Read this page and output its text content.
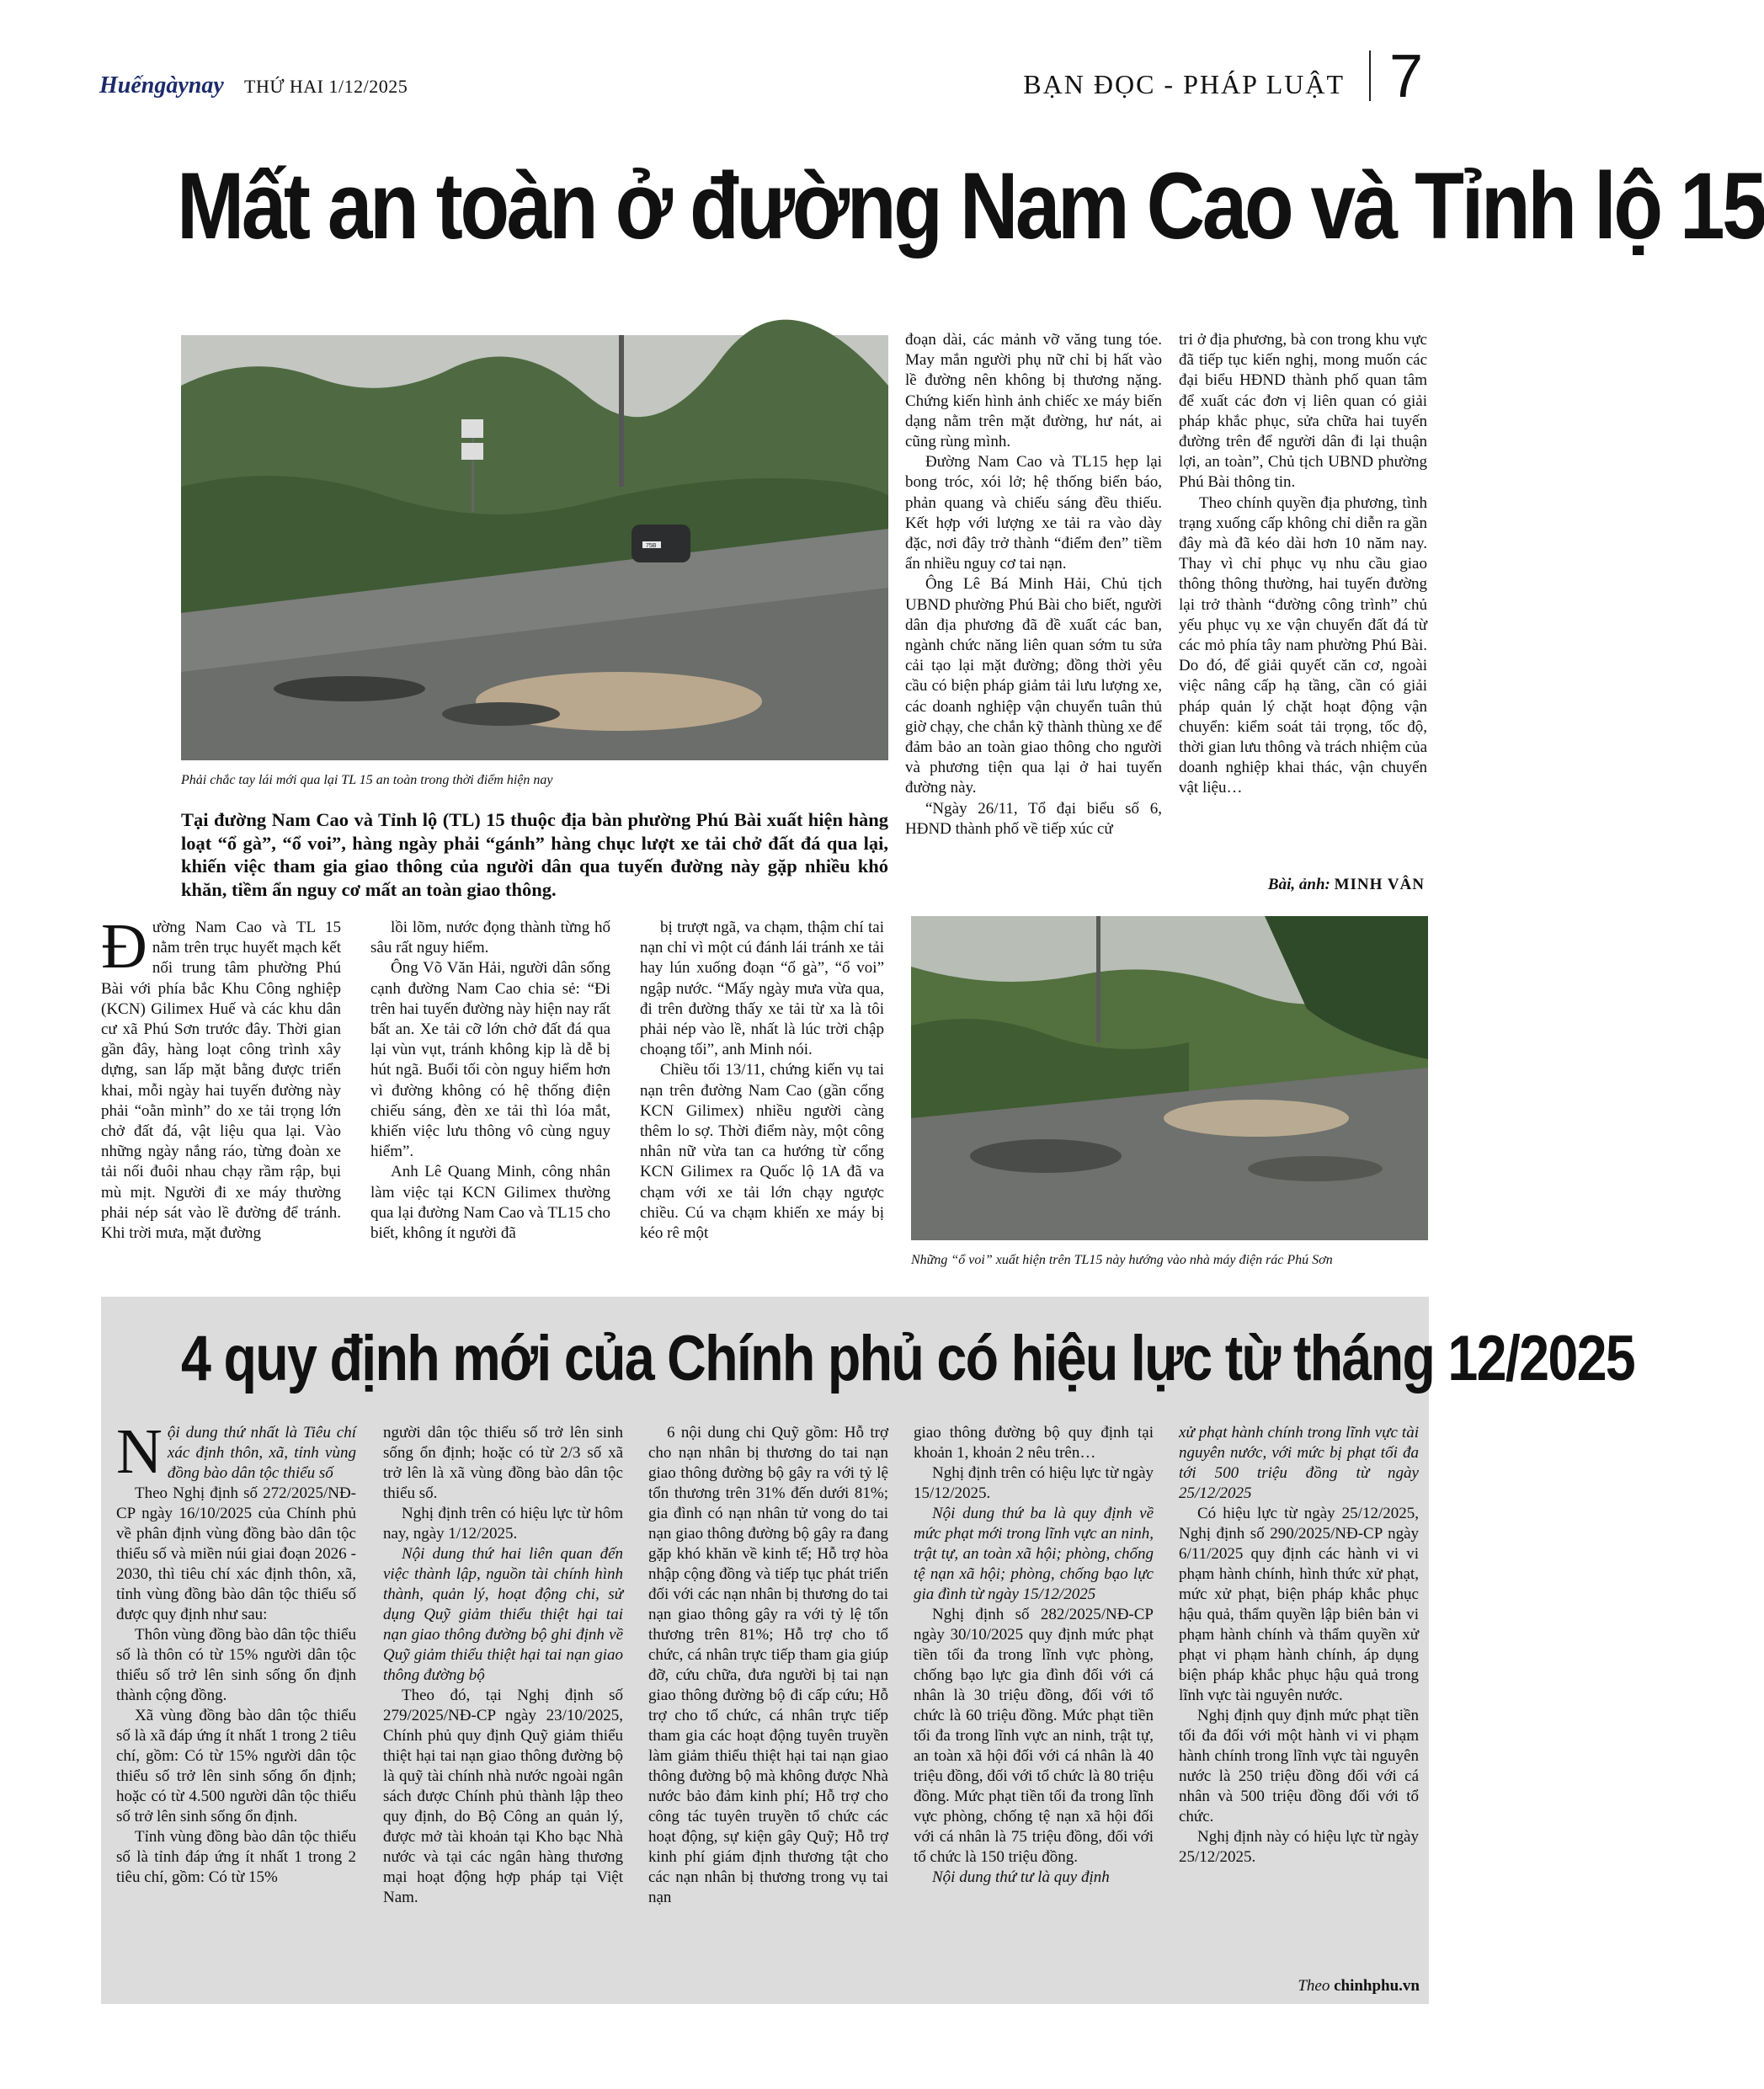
Huếngàynay THỨ HAI 1/12/2025	BẠN ĐỌC - PHÁP LUẬT 7
Mất an toàn ở đường Nam Cao và Tỉnh lộ 15
75B
Phải chắc tay lái mới qua lại TL 15 an toàn trong thời điểm hiện nay
Tại đường Nam Cao và Tỉnh lộ (TL) 15 thuộc địa bàn phường Phú Bài xuất hiện hàng loạt “ổ gà”, “ổ voi”, hàng ngày phải “gánh” hàng chục lượt xe tải chở đất đá qua lại, khiến việc tham gia giao thông của người dân qua tuyến đường này gặp nhiều khó khăn, tiềm ẩn nguy cơ mất an toàn giao thông.
Đ ường Nam Cao và TL 15 nằm trên trục huyết mạch kết nối trung tâm phường Phú Bài với phía bắc Khu Công nghiệp (KCN) Gilimex Huế và các khu dân cư xã Phú Sơn trước đây. Thời gian gần đây, hàng loạt công trình xây dựng, san lấp mặt bằng được triển khai, mỗi ngày hai tuyến đường này phải “oằn mình” do xe tải trọng lớn chở đất đá, vật liệu qua lại. Vào những ngày nắng ráo, từng đoàn xe tải nối đuôi nhau chạy rầm rập, bụi mù mịt. Người đi xe máy thường phải nép sát vào lề đường để tránh. Khi trời mưa, mặt đường

lồi lõm, nước đọng thành từng hố sâu rất nguy hiểm.

Ông Võ Văn Hải, người dân sống cạnh đường Nam Cao chia sẻ: “Đi trên hai tuyến đường này hiện nay rất bất an. Xe tải cỡ lớn chở đất đá qua lại vùn vụt, tránh không kịp là dễ bị hút ngã. Buổi tối còn nguy hiểm hơn vì đường không có hệ thống điện chiếu sáng, đèn xe tải thì lóa mắt, khiến việc lưu thông vô cùng nguy hiểm”.

Anh Lê Quang Minh, công nhân làm việc tại KCN Gilimex thường qua lại đường Nam Cao và TL15 cho biết, không ít người đã

bị trượt ngã, va chạm, thậm chí tai nạn chỉ vì một cú đánh lái tránh xe tải hay lún xuống đoạn “ổ gà”, “ổ voi” ngập nước. “Mấy ngày mưa vừa qua, đi trên đường thấy xe tải từ xa là tôi phải nép vào lề, nhất là lúc trời chập choạng tối”, anh Minh nói.

Chiều tối 13/11, chứng kiến vụ tai nạn trên đường Nam Cao (gần cổng KCN Gilimex) nhiều người càng thêm lo sợ. Thời điểm này, một công nhân nữ vừa tan ca hướng từ cổng KCN Gilimex ra Quốc lộ 1A đã va chạm với xe tải lớn chạy ngược chiều. Cú va chạm khiến xe máy bị kéo rê một

đoạn dài, các mảnh vỡ văng tung tóe. May mắn người phụ nữ chỉ bị hất vào lề đường nên không bị thương nặng. Chứng kiến hình ảnh chiếc xe máy biến dạng nằm trên mặt đường, hư nát, ai cũng rùng mình.

Đường Nam Cao và TL15 hẹp lại bong tróc, xói lở; hệ thống biển báo, phản quang và chiếu sáng đều thiếu. Kết hợp với lượng xe tải ra vào dày đặc, nơi đây trở thành “điểm đen” tiềm ẩn nhiều nguy cơ tai nạn.

Ông Lê Bá Minh Hải, Chủ tịch UBND phường Phú Bài cho biết, người dân địa phương đã đề xuất các ban, ngành chức năng liên quan sớm tu sửa cải tạo lại mặt đường; đồng thời yêu cầu có biện pháp giảm tải lưu lượng xe, các doanh nghiệp vận chuyển tuân thủ giờ chạy, che chắn kỹ thành thùng xe để đảm bảo an toàn giao thông cho người và phương tiện qua lại ở hai tuyến đường này.

“Ngày 26/11, Tổ đại biểu số 6, HĐND thành phố về tiếp xúc cử

tri ở địa phương, bà con trong khu vực đã tiếp tục kiến nghị, mong muốn các đại biểu HĐND thành phố quan tâm để xuất các đơn vị liên quan có giải pháp khắc phục, sửa chữa hai tuyến đường trên để người dân đi lại thuận lợi, an toàn”, Chủ tịch UBND phường Phú Bài thông tin.

Theo chính quyền địa phương, tình trạng xuống cấp không chỉ diễn ra gần đây mà đã kéo dài hơn 10 năm nay. Thay vì chỉ phục vụ nhu cầu giao thông thông thường, hai tuyến đường lại trở thành “đường công trình” chủ yếu phục vụ xe vận chuyển đất đá từ các mỏ phía tây nam phường Phú Bài. Do đó, để giải quyết căn cơ, ngoài việc nâng cấp hạ tầng, cần có giải pháp quản lý chặt hoạt động vận chuyển: kiểm soát tải trọng, tốc độ, thời gian lưu thông và trách nhiệm của doanh nghiệp khai thác, vận chuyển vật liệu…

Bài, ảnh: MINH VÂN
Những “ổ voi” xuất hiện trên TL15 này hướng vào nhà máy điện rác Phú Sơn
4 quy định mới của Chính phủ có hiệu lực từ tháng 12/2025

Nội dung thứ nhất là Tiêu chí xác định thôn, xã, tỉnh vùng đồng bào dân tộc thiểu số

Theo Nghị định số 272/2025/NĐ-CP ngày 16/10/2025 của Chính phủ về phân định vùng đồng bào dân tộc thiểu số và miền núi giai đoạn 2026 - 2030, thì tiêu chí xác định thôn, xã, tỉnh vùng đồng bào dân tộc thiểu số được quy định như sau:

Thôn vùng đồng bào dân tộc thiểu số là thôn có từ 15% người dân tộc thiểu số trở lên sinh sống ổn định thành cộng đồng.

Xã vùng đồng bào dân tộc thiểu số là xã đáp ứng ít nhất 1 trong 2 tiêu chí, gồm: Có từ 15% người dân tộc thiểu số trở lên sinh sống ổn định; hoặc có từ 4.500 người dân tộc thiểu số trở lên sinh sống ổn định.

Tỉnh vùng đồng bào dân tộc thiểu số là tỉnh đáp ứng ít nhất 1 trong 2 tiêu chí, gồm: Có từ 15%

người dân tộc thiểu số trở lên sinh sống ổn định; hoặc có từ 2/3 số xã trở lên là xã vùng đồng bào dân tộc thiểu số.

Nghị định trên có hiệu lực từ hôm nay, ngày 1/12/2025.

Nội dung thứ hai liên quan đến việc thành lập, nguồn tài chính hình thành, quản lý, hoạt động chi, sử dụng Quỹ giảm thiểu thiệt hại tai nạn giao thông đường bộ ghi định về Quỹ giảm thiểu thiệt hại tai nạn giao thông đường bộ

Theo đó, tại Nghị định số 279/2025/NĐ-CP ngày 23/10/2025, Chính phủ quy định Quỹ giảm thiểu thiệt hại tai nạn giao thông đường bộ là quỹ tài chính nhà nước ngoài ngân sách được Chính phủ thành lập theo quy định, do Bộ Công an quản lý, được mở tài khoản tại Kho bạc Nhà nước và tại các ngân hàng thương mại hoạt động hợp pháp tại Việt Nam.

6 nội dung chi Quỹ gồm: Hỗ trợ cho nạn nhân bị thương do tai nạn giao thông đường bộ gây ra với tỷ lệ tổn thương trên 31% đến dưới 81%; gia đình có nạn nhân tử vong do tai nạn giao thông đường bộ gây ra đang gặp khó khăn về kinh tế; Hỗ trợ hòa nhập cộng đồng và tiếp tục phát triển đối với các nạn nhân bị thương do tai nạn giao thông gây ra với tỷ lệ tổn thương trên 81%; Hỗ trợ cho tổ chức, cá nhân trực tiếp tham gia giúp đỡ, cứu chữa, đưa người bị tai nạn giao thông đường bộ đi cấp cứu; Hỗ trợ cho tổ chức, cá nhân trực tiếp tham gia các hoạt động tuyên truyền làm giảm thiểu thiệt hại tai nạn giao thông đường bộ mà không được Nhà nước bảo đảm kinh phí; Hỗ trợ cho công tác tuyên truyền tổ chức các hoạt động, sự kiện gây Quỹ; Hỗ trợ kinh phí giám định thương tật cho các nạn nhân bị thương trong vụ tai nạn

giao thông đường bộ quy định tại khoản 1, khoản 2 nêu trên…

Nghị định trên có hiệu lực từ ngày 15/12/2025.

Nội dung thứ ba là quy định về mức phạt mới trong lĩnh vực an ninh, trật tự, an toàn xã hội; phòng, chống tệ nạn xã hội; phòng, chống bạo lực gia đình từ ngày 15/12/2025

Nghị định số 282/2025/NĐ-CP ngày 30/10/2025 quy định mức phạt tiền tối đa trong lĩnh vực phòng, chống bạo lực gia đình đối với cá nhân là 30 triệu đồng, đối với tổ chức là 60 triệu đồng. Mức phạt tiền tối đa trong lĩnh vực an ninh, trật tự, an toàn xã hội đối với cá nhân là 40 triệu đồng, đối với tổ chức là 80 triệu đồng. Mức phạt tiền tối đa trong lĩnh vực phòng, chống tệ nạn xã hội đối với cá nhân là 75 triệu đồng, đối với tổ chức là 150 triệu đồng.

Nội dung thứ tư là quy định

xử phạt hành chính trong lĩnh vực tài nguyên nước, với mức bị phạt tối đa tới 500 triệu đồng từ ngày 25/12/2025

Có hiệu lực từ ngày 25/12/2025, Nghị định số 290/2025/NĐ-CP ngày 6/11/2025 quy định các hành vi vi phạm hành chính, hình thức xử phạt, mức xử phạt, biện pháp khắc phục hậu quả, thẩm quyền lập biên bản vi phạm hành chính và thẩm quyền xử phạt vi phạm hành chính, áp dụng biện pháp khắc phục hậu quả trong lĩnh vực tài nguyên nước.

Nghị định quy định mức phạt tiền tối đa đối với một hành vi vi phạm hành chính trong lĩnh vực tài nguyên nước là 250 triệu đồng đối với cá nhân và 500 triệu đồng đối với tổ chức.

Nghị định này có hiệu lực từ ngày 25/12/2025.

Theo chinhphu.vn
